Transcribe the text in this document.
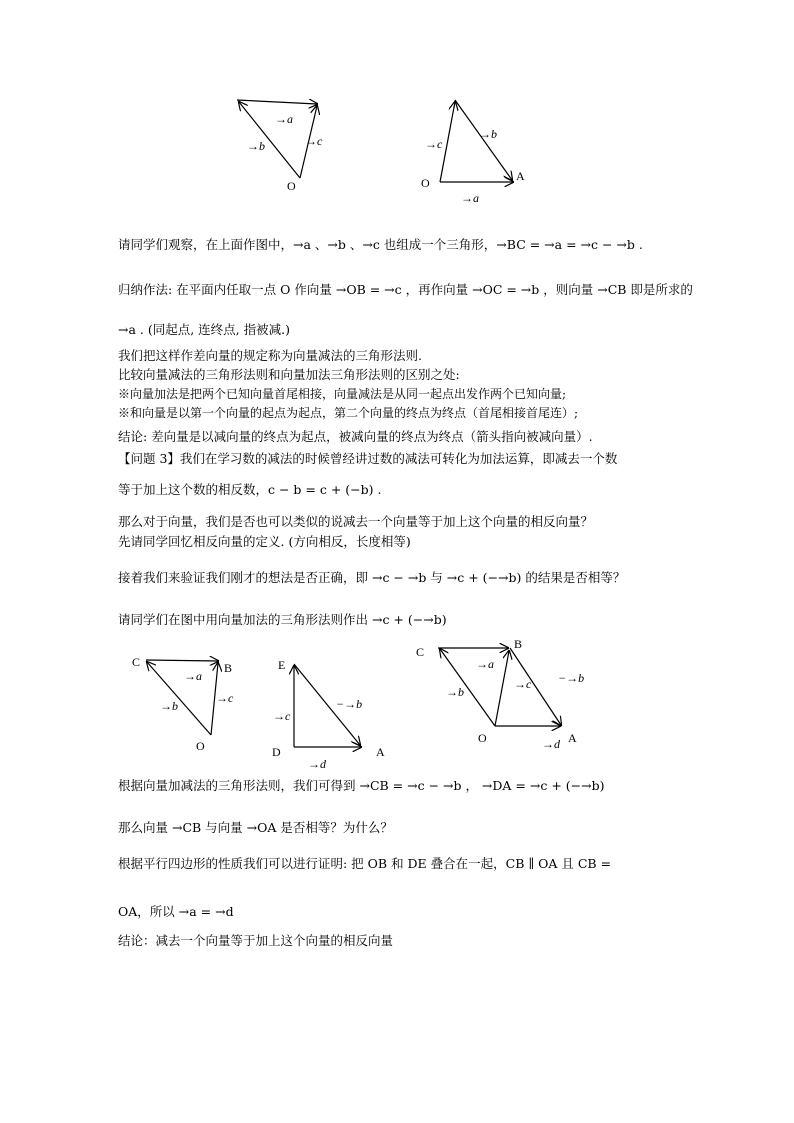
→a
→b	→c
O
→a
→b
→c
O	A
请同学们观察，在上面作图中，→a 、→b 、→c 也组成一个三角形，→BC = →a = →c − →b .
归纳作法: 在平面内任取一点 O 作向量 →OB = →c ，再作向量 →OC = →b ，则向量 →CB 即是所求的
→a . (同起点, 连终点, 指被减.)
我们把这样作差向量的规定称为向量减法的三角形法则.
比较向量减法的三角形法则和向量加法三角形法则的区别之处:
※向量加法是把两个已知向量首尾相接，向量减法是从同一起点出发作两个已知向量;
※和向量是以第一个向量的起点为起点，第二个向量的终点为终点（首尾相接首尾连）;
结论: 差向量是以减向量的终点为起点，被减向量的终点为终点（箭头指向被减向量）.
【问题 3】我们在学习数的减法的时候曾经讲过数的减法可转化为加法运算，即减去一个数
等于加上这个数的相反数，c − b = c + (−b) .
那么对于向量，我们是否也可以类似的说减去一个向量等于加上这个向量的相反向量？
先请同学回忆相反向量的定义. (方向相反，长度相等)
接着我们来验证我们刚才的想法是否正确，即 →c − →b 与 →c + (−→b) 的结果是否相等？
请同学们在图中用向量加法的三角形法则作出 →c + (−→b)
C	B
→a
→b
→c
O
E
−→b
→c
D	A
→d
C
B
→a
→b
→c −→b
O	→d A
根据向量加减法的三角形法则，我们可得到 →CB = →c − →b ， →DA = →c + (−→b)
那么向量 →CB 与向量 →OA 是否相等？为什么？
根据平行四边形的性质我们可以进行证明: 把 OB 和 DE 叠合在一起，CB ∥ OA 且 CB =
OA，所以 →a = →d
结论：减去一个向量等于加上这个向量的相反向量
